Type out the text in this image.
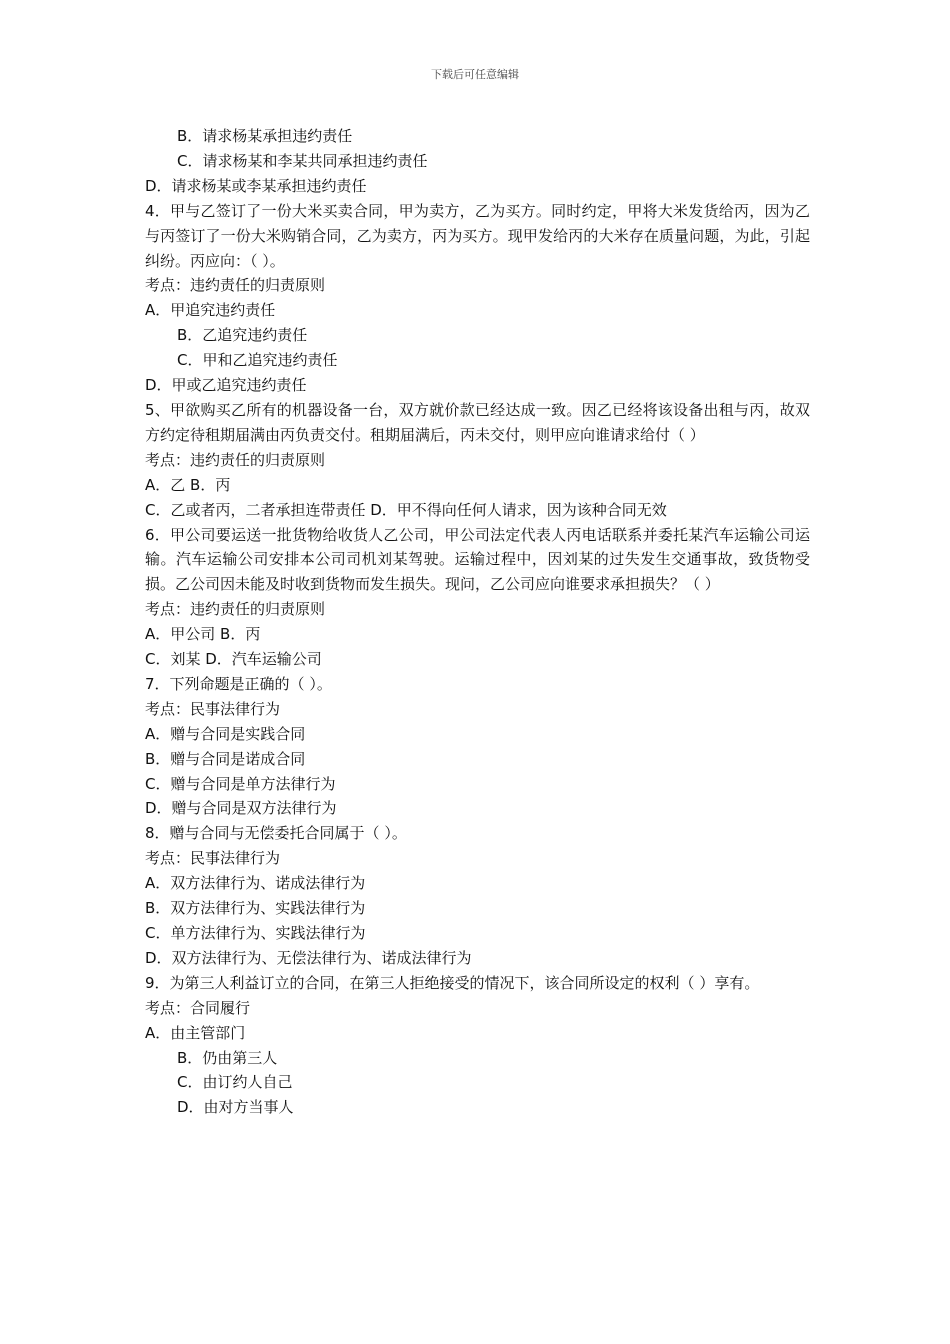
下载后可任意编辑
B．请求杨某承担违约责任
C．请求杨某和李某共同承担违约责任
D．请求杨某或李某承担违约责任
4．甲与乙签订了一份大米买卖合同，甲为卖方，乙为买方。同时约定，甲将大米发货给丙，因为乙与丙签订了一份大米购销合同，乙为卖方，丙为买方。现甲发给丙的大米存在质量问题，为此，引起纠纷。丙应向：（ ）。
考点：违约责任的归责原则
A．甲追究违约责任
B．乙追究违约责任
C．甲和乙追究违约责任
D．甲或乙追究违约责任
5、甲欲购买乙所有的机器设备一台，双方就价款已经达成一致。因乙已经将该设备出租与丙，故双方约定待租期届满由丙负责交付。租期届满后，丙未交付，则甲应向谁请求给付（ ）
考点：违约责任的归责原则
A．乙 B．丙
C．乙或者丙，二者承担连带责任 D．甲不得向任何人请求，因为该种合同无效
6．甲公司要运送一批货物给收货人乙公司，甲公司法定代表人丙电话联系并委托某汽车运输公司运输。汽车运输公司安排本公司司机刘某驾驶。运输过程中，因刘某的过失发生交通事故，致货物受损。乙公司因未能及时收到货物而发生损失。现问，乙公司应向谁要求承担损失？（ ）
考点：违约责任的归责原则
A．甲公司 B．丙
C．刘某 D．汽车运输公司
7．下列命题是正确的（ ）。
考点：民事法律行为
A．赠与合同是实践合同
B．赠与合同是诺成合同
C．赠与合同是单方法律行为
D．赠与合同是双方法律行为
8．赠与合同与无偿委托合同属于（ ）。
考点：民事法律行为
A．双方法律行为、诺成法律行为
B．双方法律行为、实践法律行为
C．单方法律行为、实践法律行为
D．双方法律行为、无偿法律行为、诺成法律行为
9．为第三人利益订立的合同，在第三人拒绝接受的情况下，该合同所设定的权利（ ）享有。
考点：合同履行
A．由主管部门
B．仍由第三人
C．由订约人自己
D．由对方当事人
